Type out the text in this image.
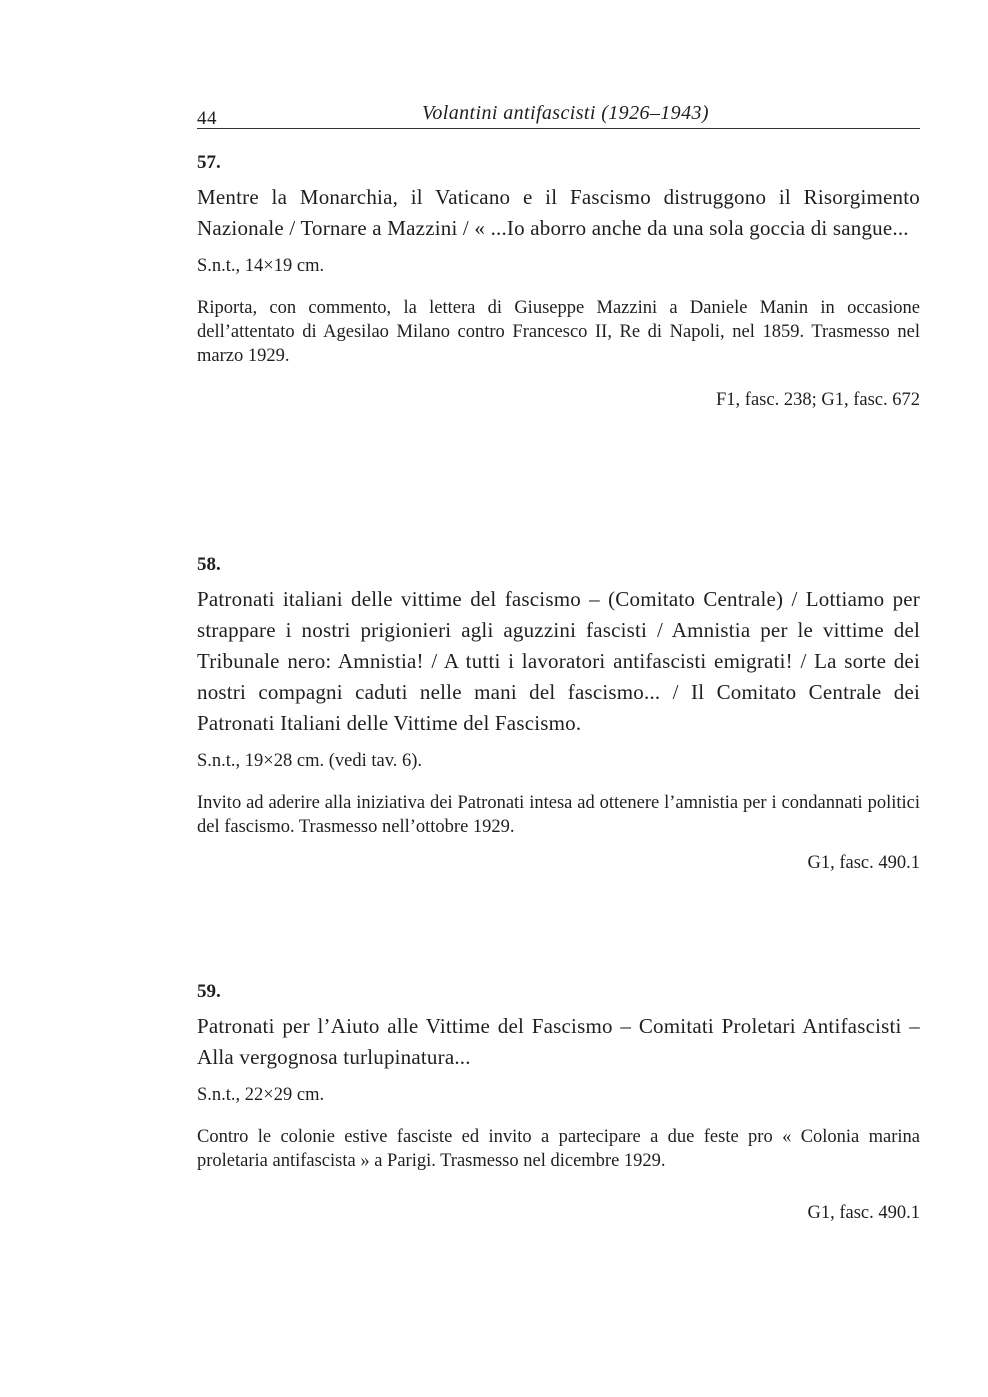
44	Volantini antifascisti (1926–1943)
57.

Mentre la Monarchia, il Vaticano e il Fascismo distruggono il Risorgimento Nazionale / Tornare a Mazzini / « ...Io aborro anche da una sola goccia di sangue...

S.n.t., 14×19 cm.

Riporta, con commento, la lettera di Giuseppe Mazzini a Daniele Manin in occasione dell’attentato di Agesilao Milano contro Francesco II, Re di Napoli, nel 1859. Trasmesso nel marzo 1929.

F1, fasc. 238; G1, fasc. 672

58.

Patronati italiani delle vittime del fascismo – (Comitato Centrale) / Lottiamo per strappare i nostri prigionieri agli aguzzini fascisti / Amnistia per le vittime del Tribunale nero: Amnistia! / A tutti i lavoratori antifascisti emigrati! / La sorte dei nostri compagni caduti nelle mani del fascismo... / Il Comitato Centrale dei Patronati Italiani delle Vittime del Fascismo.

S.n.t., 19×28 cm. (vedi tav. 6).

Invito ad aderire alla iniziativa dei Patronati intesa ad ottenere l’amnistia per i condannati politici del fascismo. Trasmesso nell’ottobre 1929.

G1, fasc. 490.1

59.

Patronati per l’Aiuto alle Vittime del Fascismo – Comitati Proletari Antifascisti – Alla vergognosa turlupinatura...

S.n.t., 22×29 cm.

Contro le colonie estive fasciste ed invito a partecipare a due feste pro « Colonia marina proletaria antifascista » a Parigi. Trasmesso nel dicembre 1929.

G1, fasc. 490.1
